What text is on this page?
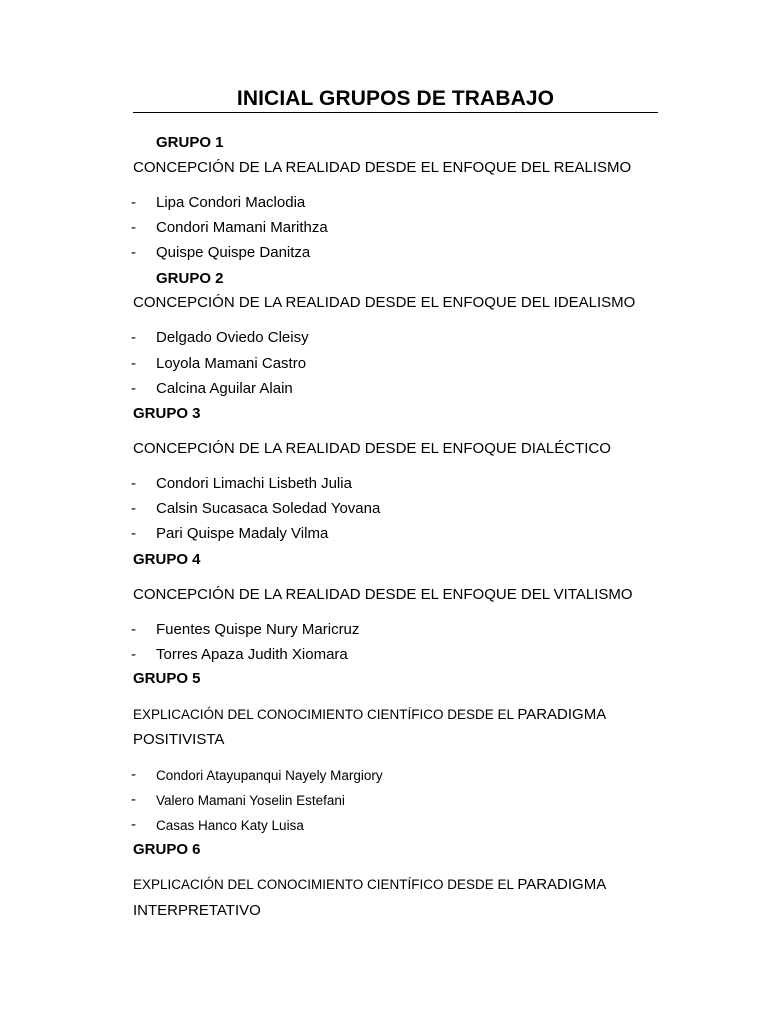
INICIAL GRUPOS DE TRABAJO
GRUPO 1
CONCEPCIÓN DE LA REALIDAD DESDE EL ENFOQUE DEL REALISMO
- Lipa Condori Maclodia
- Condori Mamani Marithza
- Quispe Quispe Danitza
GRUPO 2
CONCEPCIÓN DE LA REALIDAD DESDE EL ENFOQUE DEL IDEALISMO
- Delgado Oviedo Cleisy
- Loyola Mamani Castro
- Calcina Aguilar Alain
GRUPO 3
CONCEPCIÓN DE LA REALIDAD DESDE EL ENFOQUE DIALÉCTICO
- Condori Limachi Lisbeth Julia
- Calsin Sucasaca Soledad Yovana
- Pari Quispe Madaly Vilma
GRUPO 4
CONCEPCIÓN DE LA REALIDAD DESDE EL ENFOQUE DEL VITALISMO
- Fuentes Quispe Nury Maricruz
- Torres Apaza Judith Xiomara
GRUPO 5
EXPLICACIÓN DEL CONOCIMIENTO CIENTÍFICO DESDE EL PARADIGMA
POSITIVISTA
- Condori Atayupanqui Nayely Margiory
- Valero Mamani Yoselin Estefani
- Casas Hanco Katy Luisa
GRUPO 6
EXPLICACIÓN DEL CONOCIMIENTO CIENTÍFICO DESDE EL PARADIGMA
INTERPRETATIVO
